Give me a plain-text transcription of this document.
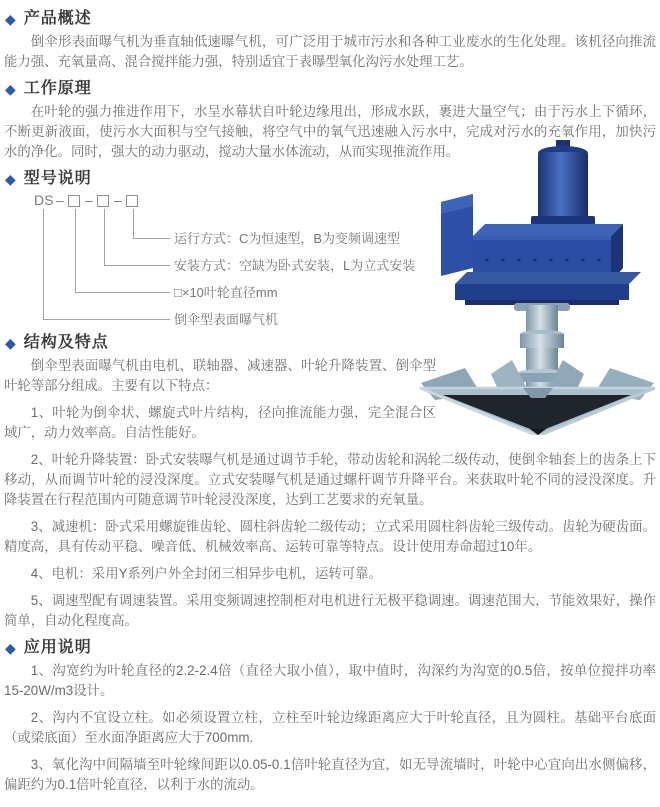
◆ 产品概述

倒伞形表面曝气机为垂直轴低速曝气机，可广泛用于城市污水和各种工业废水的生化处理。该机径向推流能力强、充氧量高、混合搅拌能力强，特别适宜于表曝型氧化沟污水处理工艺。

◆ 工作原理

在叶轮的强力推进作用下，水呈水幕状自叶轮边缘甩出，形成水跃，裹进大量空气；由于污水上下循环，不断更新液面，使污水大面积与空气接触，将空气中的氧气迅速融入污水中，完成对污水的充氧作用，加快污水的净化。同时，强大的动力驱动，搅动大量水体流动，从而实现推流作用。

◆ 型号说明
DS – – –
运行方式：C为恒速型，B为变频调速型
安装方式：空缺为卧式安装，L为立式安装
□×10叶轮直径mm
倒伞型表面曝气机
◆ 结构及特点

倒伞型表面曝气机由电机、联轴器、减速器、叶轮升降装置、倒伞型叶轮等部分组成。主要有以下特点：

1、叶轮为倒伞状、螺旋式叶片结构，径向推流能力强，完全混合区域广，动力效率高。自洁性能好。

2、叶轮升降装置：卧式安装曝气机是通过调节手轮，带动齿轮和涡轮二级传动，使倒伞轴套上的齿条上下移动，从而调节叶轮的浸没深度。立式安装曝气机是通过螺杆调节升降平台。来获取叶轮不同的浸没深度。升降装置在行程范围内可随意调节叶轮浸没深度，达到工艺要求的充氧量。

3、减速机：卧式采用螺旋锥齿轮、圆柱斜齿轮二级传动；立式采用圆柱斜齿轮三级传动。齿轮为硬齿面。精度高，具有传动平稳、噪音低、机械效率高、运转可靠等特点。设计使用寿命超过10年。

4、电机：采用Y系列户外全封闭三相异步电机，运转可靠。

5、调速型配有调速装置。采用变频调速控制柜对电机进行无极平稳调速。调速范围大，节能效果好，操作简单，自动化程度高。

◆ 应用说明

1、沟宽约为叶轮直径的2.2-2.4倍（直径大取小值），取中值时，沟深约为沟宽的0.5倍，按单位搅拌功率15-20W/m3设计。

2、沟内不宜设立柱。如必须设置立柱，立柱至叶轮边缘距离应大于叶轮直径，且为圆柱。基础平台底面（或梁底面）至水面净距离应大于700mm.

3、氧化沟中间隔墙至叶轮缘间距以0.05-0.1倍叶轮直径为宜，如无导流墙时，叶轮中心宜向出水侧偏移，偏距约为0.1倍叶轮直径，以利于水的流动。
